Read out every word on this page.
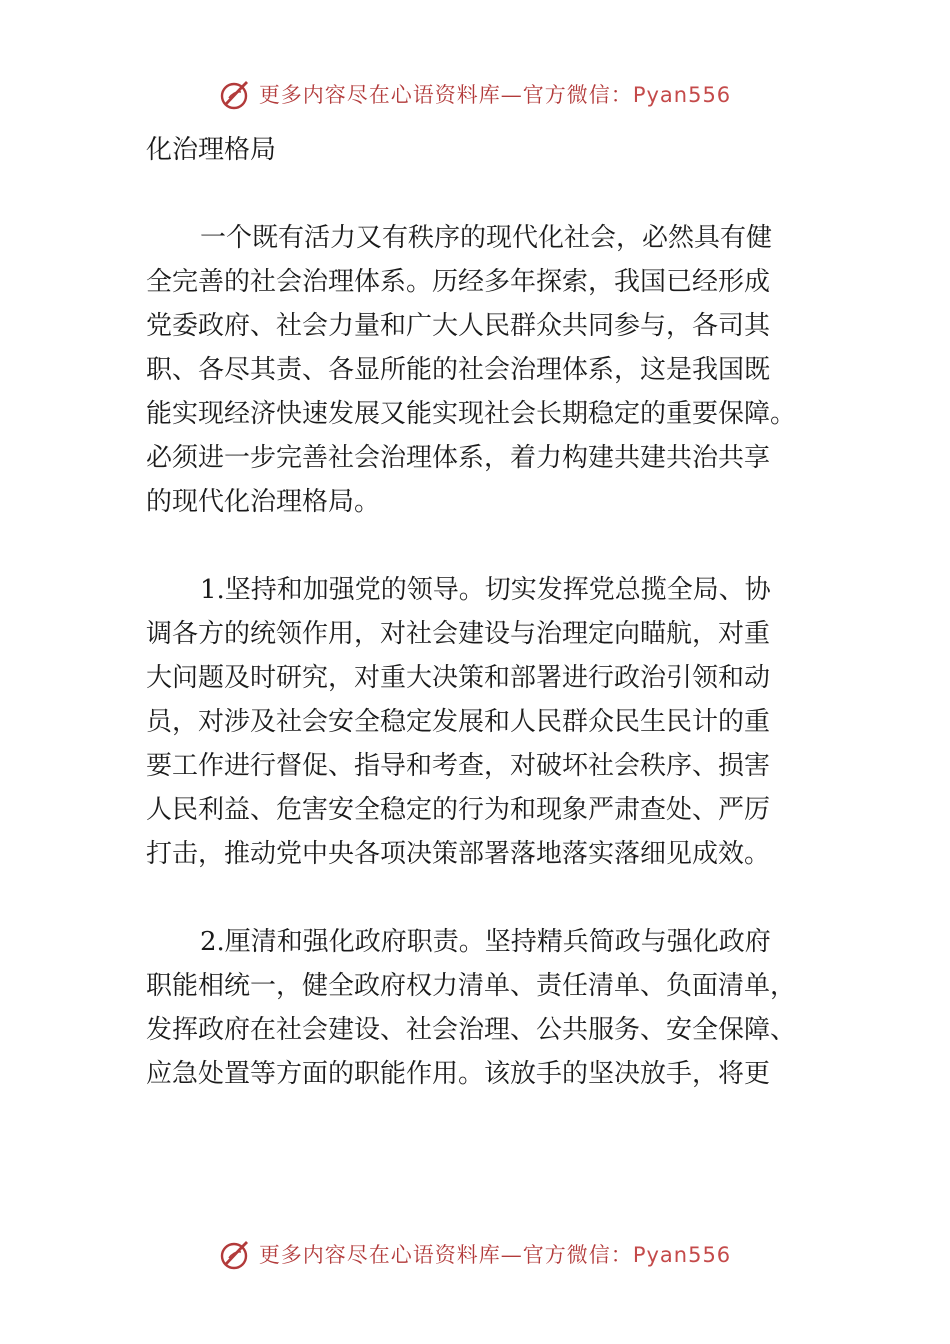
更多内容尽在心语资料库—官方微信：Pyan556
化治理格局
一个既有活力又有秩序的现代化社会，必然具有健
全完善的社会治理体系。历经多年探索，我国已经形成
党委政府、社会力量和广大人民群众共同参与，各司其
职、各尽其责、各显所能的社会治理体系，这是我国既
能实现经济快速发展又能实现社会长期稳定的重要保障。
必须进一步完善社会治理体系，着力构建共建共治共享
的现代化治理格局。
1.坚持和加强党的领导。切实发挥党总揽全局、协
调各方的统领作用，对社会建设与治理定向瞄航，对重
大问题及时研究，对重大决策和部署进行政治引领和动
员，对涉及社会安全稳定发展和人民群众民生民计的重
要工作进行督促、指导和考查，对破坏社会秩序、损害
人民利益、危害安全稳定的行为和现象严肃查处、严厉
打击，推动党中央各项决策部署落地落实落细见成效。
2.厘清和强化政府职责。坚持精兵简政与强化政府
职能相统一，健全政府权力清单、责任清单、负面清单，
发挥政府在社会建设、社会治理、公共服务、安全保障、
应急处置等方面的职能作用。该放手的坚决放手，将更
更多内容尽在心语资料库—官方微信：Pyan556
